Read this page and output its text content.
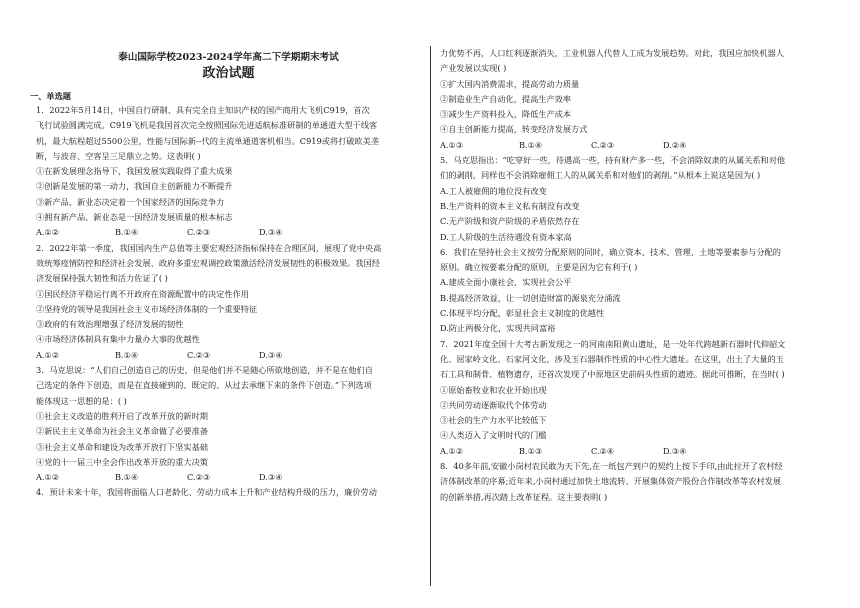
泰山国际学校2023-2024学年高二下学期期末考试
政治试题
一、单选题

1．2022年5月14日，中国自行研制、具有完全自主知识产权的国产商用大飞机C919，首次

飞行试验圆满完成。C919飞机是我国首次完全按照国际先进适航标准研制的单通道大型干线客

机，最大航程超过5500公里，性能与国际新--代的主流单通道客机相当。C919或将打破欧美垄

断，与波音、空客呈三足鼎立之势。这表明( )

①在新发展理念指导下，我国发展实践取得了重大成果

②创新是发展的第一动力，我国自主创新能力不断提升

③新产品、新业态决定着一个国家经济的国际竞争力

④拥有新产品、新业态是一国经济发展质量的根本标志

A.①②	B.①④	C.②③	D.③④

2．2022年第一季度，我国国内生产总值等主要宏观经济指标保持在合理区间，展现了党中央高

效统筹疫情防控和经济社会发展、政府多重宏观调控政策激活经济发展韧性的积极效果。我国经

济发展保持强大韧性和活力佐证了( )

①国民经济平稳运行离不开政府在资源配置中的决定性作用

②坚持党的领导是我国社会主义市场经济体制的一个重要特征

③政府的有效治理增强了经济发展的韧性

④市场经济体制具有集中力量办大事的优越性

A.①②	B.①④	C.②③	D.③④

3．马克思说：“人们自己创造自己的历史，但是他们并不是随心所欲地创造，并不是在他们自

己选定的条件下创造，而是在直接碰到的、既定的、从过去承继下来的条件下创造。”下列选项

能体现这一思想的是：( )

①社会主义改造的胜利开启了改革开放的新时期

②新民主主义革命为社会主义革命做了必要准备

③社会主义革命和建设为改革开放打下坚实基础

④党的十一届三中全会作出改革开放的重大决策

A.①②	B.①④	C.②③	D.③④

4．预计未来十年，我国将面临人口老龄化、劳动力成本上升和产业结构升级的压力，廉价劳动

力优势不再，人口红利逐渐消失，工业机器人代替人工成为发展趋势。对此，我国应加快机器人

产业发展以实现( )

①扩大国内消费需求，提高劳动力质量

②制造业生产自动化，提高生产效率

③减少生产资料投入，降低生产成本

④自主创新能力提高，转变经济发展方式

A.①③	B.①④	C.②③	D.②④

5．马克思指出：“吃穿好一些，待遇高一些，持有财产多一些，不会消除奴隶的从属关系和对他

们的剥削，同样也不会消除雇佣工人的从属关系和对他们的剥削。”从根本上说这是因为( )

A.工人被雇佣的地位没有改变

B.生产资料的资本主义私有制没有改变

C.无产阶级和资产阶级的矛盾依然存在

D.工人阶级的生活待遇没有资本家高

6．我们在坚持社会主义按劳分配原则的同时，确立资本、技术、管理、土地等要素参与分配的

原则。确立按要素分配的原则，主要是因为它有利于( )

A.建成全面小康社会，实现社会公平

B.提高经济效益，让一切创造财富的源泉充分涌流

C.体现平均分配，彰显社会主义制度的优越性

D.防止两极分化，实现共同富裕

7．2021年度全国十大考古新发现之一的河南南阳黄山遗址，是一处年代跨越新石器时代仰韶文

化、屈家岭文化、石家河文化，涉及玉石器制作性质的中心性大遗址。在这里，出土了大量的玉

石工具和制骨、植物遗存，还首次发现了中原地区史前码头性质的遗迹。据此可推断，在当时( )

①原始畜牧业和农业开始出现

②共同劳动逐渐取代个体劳动

③社会的生产力水平比较低下

④人类迈入了文明时代的门槛

A.①②	B.①③	C.②④	D.③④

8．40多年前,安徽小岗村农民敢为天下先,在一纸包产到户的契约上按下手印,由此拉开了农村经

济体制改革的序幕;近年来,小岗村通过加快土地流转、开展集体资产股份合作制改革等农村发展

的创新举措,再次踏上改革征程。这主要表明( )
